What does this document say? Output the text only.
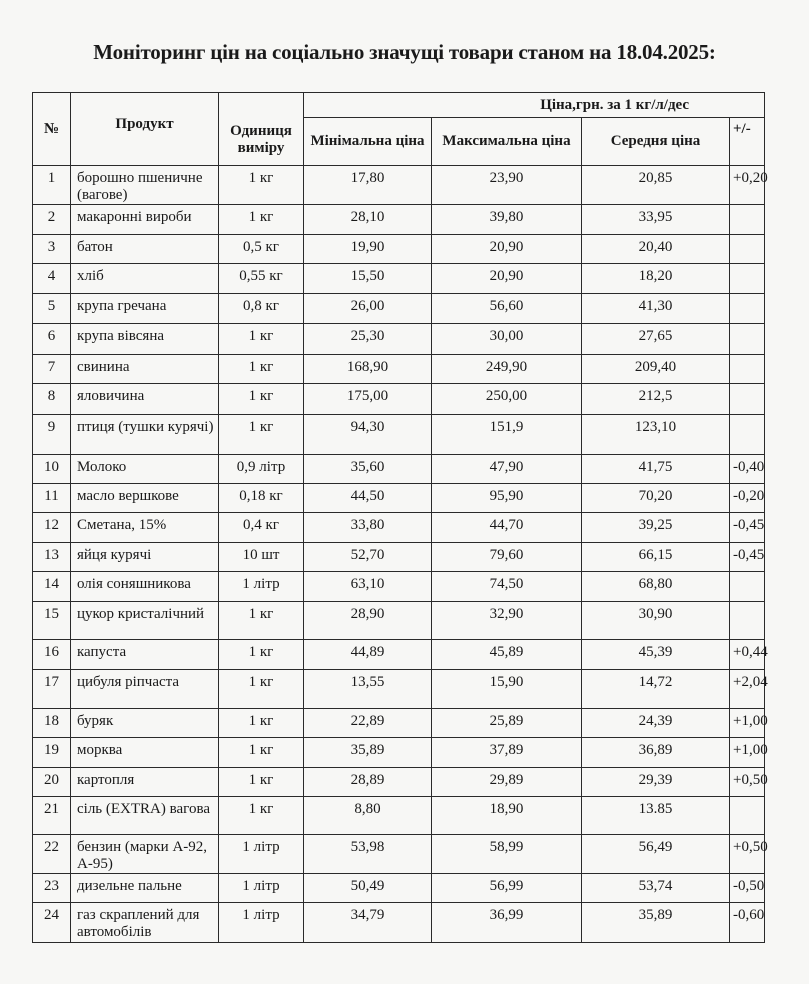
Моніторинг цін на соціально значущі товари станом на 18.04.2025:
№	Продукт	Одиниця виміру	Ціна,грн. за 1 кг/л/дес			
			Мінімальна ціна	Максимальна ціна	Середня ціна	+/-
1	борошно пшеничне (вагове)	1 кг	17,80	23,90	20,85	+0,20
2	макаронні вироби	1 кг	28,10	39,80	33,95	
3	батон	0,5 кг	19,90	20,90	20,40	
4	хліб	0,55 кг	15,50	20,90	18,20	
5	крупа гречана	0,8 кг	26,00	56,60	41,30	
6	крупа вівсяна	1 кг	25,30	30,00	27,65	
7	свинина	1 кг	168,90	249,90	209,40	
8	яловичина	1 кг	175,00	250,00	212,5	
9	птиця (тушки курячі)	1 кг	94,30	151,9	123,10	
10	Молоко	0,9 літр	35,60	47,90	41,75	-0,40
11	масло вершкове	0,18 кг	44,50	95,90	70,20	-0,20
12	Сметана, 15%	0,4 кг	33,80	44,70	39,25	-0,45
13	яйця курячі	10 шт	52,70	79,60	66,15	-0,45
14	олія соняшникова	1 літр	63,10	74,50	68,80	
15	цукор кристалічний	1 кг	28,90	32,90	30,90	
16	капуста	1 кг	44,89	45,89	45,39	+0,44
17	цибуля ріпчаста	1 кг	13,55	15,90	14,72	+2,04
18	буряк	1 кг	22,89	25,89	24,39	+1,00
19	морква	1 кг	35,89	37,89	36,89	+1,00
20	картопля	1 кг	28,89	29,89	29,39	+0,50
21	сіль (EXTRA) вагова	1 кг	8,80	18,90	13.85	
22	бензин (марки А-92, А-95)	1 літр	53,98	58,99	56,49	+0,50
23	дизельне пальне	1 літр	50,49	56,99	53,74	-0,50
24	газ скраплений для автомобілів	1 літр	34,79	36,99	35,89	-0,60
